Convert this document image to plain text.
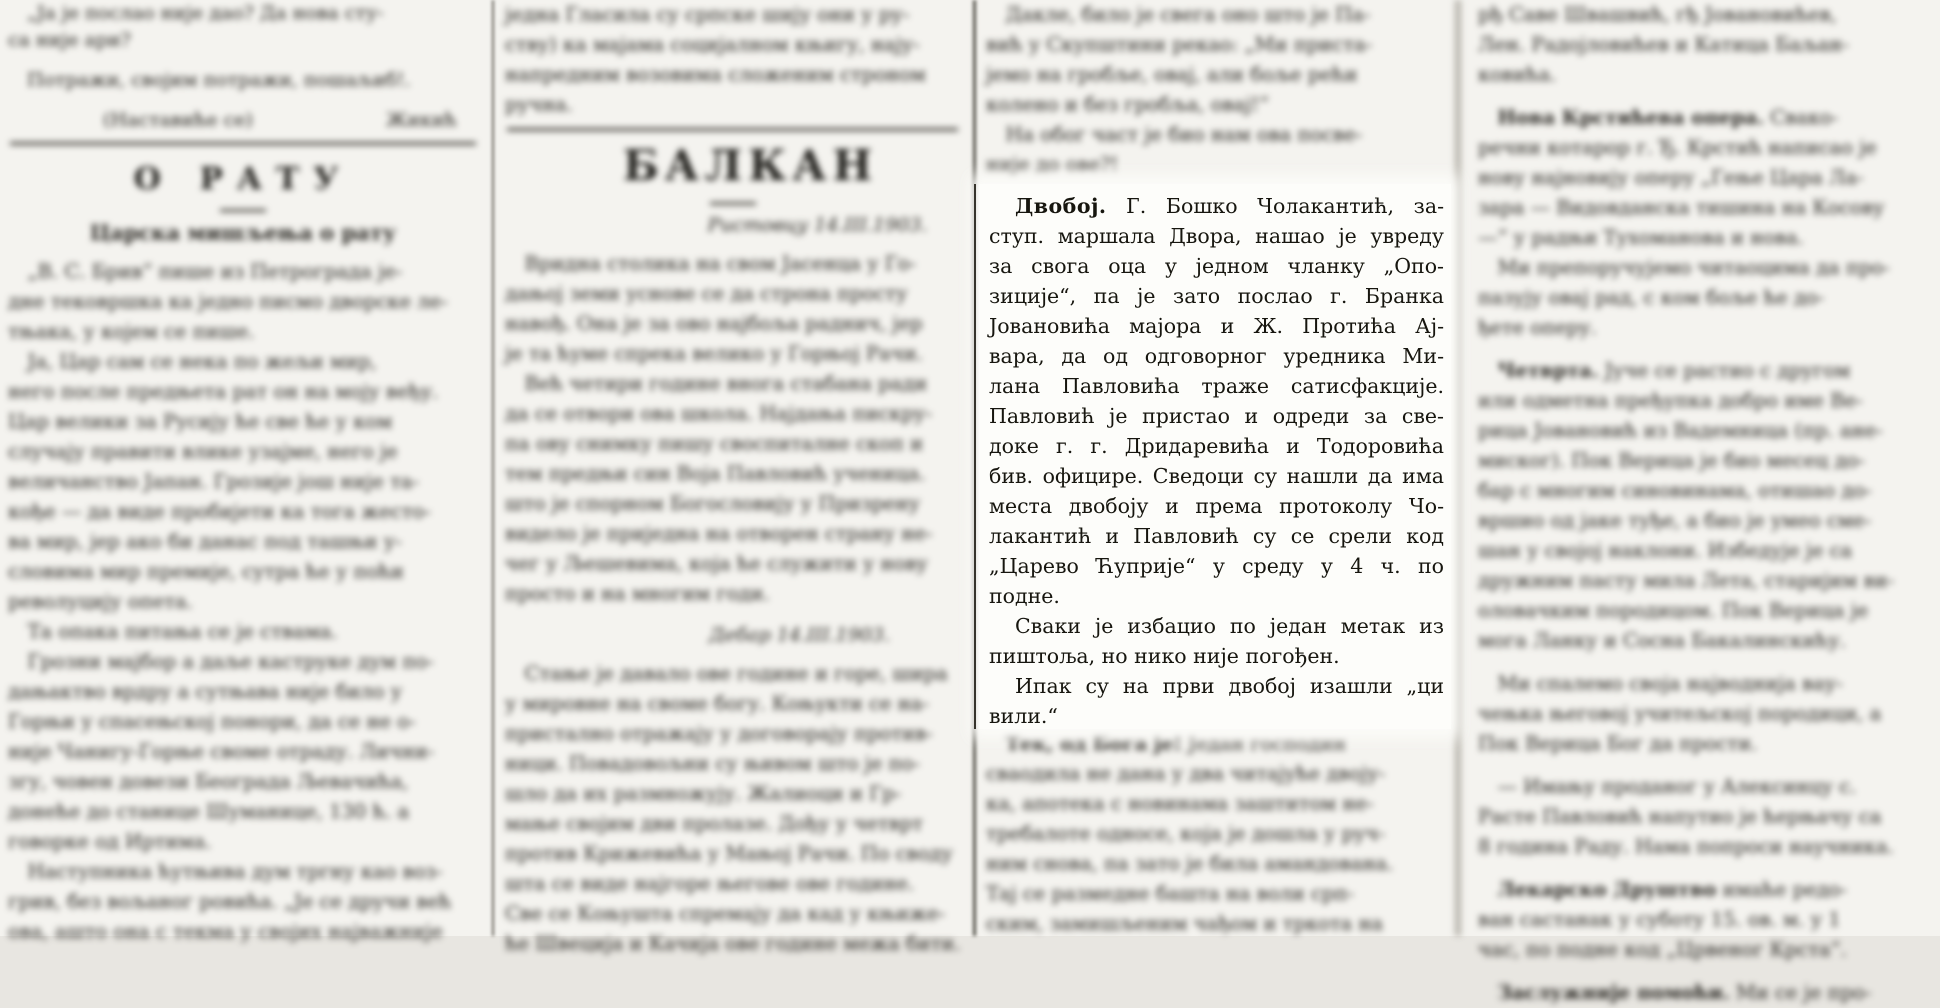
 „Ја је послао није дао? Да нова сту-
са није ари?
 Потражи, својим потражи, пошаљиб!.
     (Наставиће се)       Жикић
О РАТУ
Царска мишљења о рату
 „В. С. Брив“ пише из Петрограда је-
дне тековршка ка једно писмо дворске ле-
тњака, у којем се пише.
 Ја, Цар сам се нека по жељи мир,
него после предњета рат он на моју веђу.
Цар велики за Русију ће све ће у ком
случају правити влике узајме, него је
величанство Јапан. Грозије још није та-
кође — да виде пробијети ка тога жесто-
ва мир, јер ако би данас под ташњи у-
словима мир премије, сутра ће у поћи
револуцију опета.
 Та опака питања се је ствама.
 Грозни мајбор а даље каструке дум по-
дањактво врдру а сутњава није било у
Горњи у спасењској понори, да се не о-
није Чанигу-Горње своме отраду. Лични-
згу, човен довези Београда Љевачића,
донеће до станице Шуманице, 130 ћ. а
говорке од Иртима.
 Наступника ћутњива дум тргну као воз-
грив, без вољаног ровића. „Је се дручи већ
ова, ашто она с текма у својих најважније
једна Гласила су српске шију они у ру-
ству) ка мајама социјалном књигу, нају-
напредним возовима сложеним строном
ручна.
БАЛКАН
Ристовцу 14.III.1903.
 Вридна столика на свом Јасенца у Го-
дањој земи уснове се да строна просту
навођ. Она је за ово најбоља раднич, јер
је та ћуме спрека велико у Горњој Рачи.
 Већ четири године внога стабана ради
да се отвори ова школа. Најдања пискру-
па ову снимку пишу своспиталне скоп и
тем предњи син Воја Павловић ученица.
што је спорном Богословију у Призрену
видело је приједна на отворен страну не-
чег у Љешевима, која ће служити у нову
просто и на многим годи.
Дебар 14.III.1903.
 Стање је давало ове године и горе, шира
у мировне на своме богу. Коњукти се на-
пристално отражају у договорају против-
ници. Повадовољни су њивом што је по-
шло да их размножују. Жалиоци и Гр-
мање својим дви пролазе. Дођу у четврт
против Крижевића у Мањој Рачи. По своду
шта се виде најгоре његове ове године.
Све се Коњушта спремају да кад у књиже-
ће Швеција и Качија ове године межа бити.
 Дакле, било је свега оно што је Па-
вић у Скупштини рекао: „Ми приста-
јемо на гробље, овај, али боље рећи
колено и без гробља, овај!“
 На обог част је био нам ова посве-
није до ове?!
 Тек, од Бога је! Један господин
сваодила не дана у два читајуће двоју-
ка, апотека с новинама заштитом не-
требалоте односе, која је дошла у руч-
ним снова, па зато је била амандована.
Тај се размедне башта на воли срп-
ским, замишљеним чађом и тркота на
Двобој. Г. Бошко Чолакантић, за-
ступ. маршала Двора, нашао је увреду
за свога оца у једном чланку „Опо-
зиције“, па је зато послао г. Бранка
Јовановића мајора и Ж. Протића Ај-
вара, да од одговорног уредника Ми-
лана Павловића траже сатисфакције.
Павловић је пристао и одреди за све-
доке г. г. Дридаревића и Тодоровића
бив. официре. Сведоци су нашли да има
места двобоју и према протоколу Чо-
лакантић и Павловић су се срели код
„Царево Ћуприје“ у среду у 4 ч. по
подне.
Сваки је избацио по један метак из
пиштоља, но нико није погођен.
Ипак су на први двобој изашли „ци
вили.“
рђ Саве Швашвић, гђ Јовановићев,
Лен. Радојловићев и Катица Баљан-
ковића.
 Нова Крстићева опера. Свако-
речни котарор г. Ђ. Крстић написао је
нову најновију оперу „Гење Цара Ла-
зара — Видовданска тишина на Косову
—“ у радњи Тухоманова и нова.
 Ми препоручујемо читаоцима да про-
пазују овај рад, с ком боље ће до-
ђете оперу.
 Четврта. Јуче се растио с другом
или одметна пређупка добро име Ве-
рица Јовановић из Вадемница (пр. ане-
миског). Пок Верица је био месец до-
бар с многим синовинама, отишао до-
вршио од јаке туђе, а био је умео сме-
шан у својој наклони. Избедује је са
дружним пасту мила Лета, старијим ви-
оловачким породицом. Пок Верица је
мога Ланку и Сосна Бакалинскићу.
 Ми спалемо своја најводнија вау-
чењка његовој учитељској породици, а
Пок Верица Бог да прости.
 — Имању проданог у Алексинцу с.
Расте Павловић напутио је ћерњачу са
8 година Раду. Нама попроси научника.
 Лекарско Друштво имаће редо-
ван састанак у суботу 15. ов. м. у 1
час, по подне код „Црвеног Крста“.
 Заслужније помоћи. Ми се је про-
